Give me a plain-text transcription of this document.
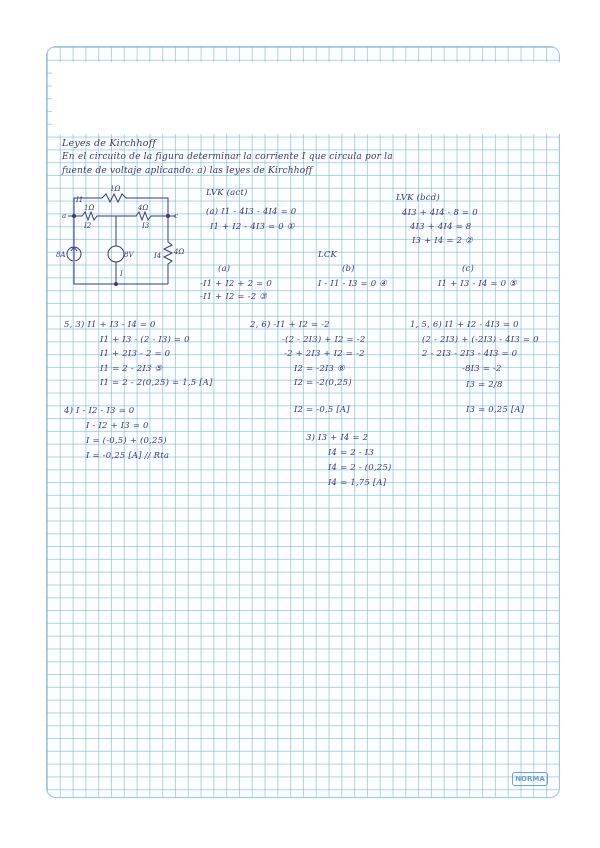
Leyes de Kirchhoff
En el circuito de la figura determinar la corriente I que circula por la
fuente de voltaje aplicando: a) las leyes de Kirchhoff
a	c
1Ω
1Ω	4Ω
4Ω
8A	8V
I1
I2	I3
I4
I
LVK (act)
(a) I1 - 4I3 - 4I4 = 0
I1 + I2 - 4I3 = 0 ①
LVK (bcd)
4I3 + 4I4 - 8 = 0
4I3 + 4I4 = 8
I3 + I4 = 2 ②
LCK
(a)
-I1 + I2 + 2 = 0
-I1 + I2 = -2 ③
(b)
I - I1 - I3 = 0 ④
(c)
I1 + I3 - I4 = 0 ⑤
5, 3) I1 + I3 - I4 = 0
I1 + I3 - (2 - I3) = 0
I1 + 2I3 - 2 = 0
I1 = 2 - 2I3 ⑤
I1 = 2 - 2(0,25) = 1,5 [A]
2, 6) -I1 + I2 = -2
-(2 - 2I3) + I2 = -2
-2 + 2I3 + I2 = -2
I2 = -2I3 ⑥
I2 = -2(0,25)
I2 = -0,5 [A]
1, 5, 6) I1 + I2 - 4I3 = 0
(2 - 2I3) + (-2I3) - 4I3 = 0
2 - 2I3 - 2I3 - 4I3 = 0
-8I3 = -2
I3 = 2/8
I3 = 0,25 [A]
4) I - I2 - I3 = 0
I - I2 + I3 = 0
I = (-0,5) + (0,25)
I = -0,25 [A] // Rta
3) I3 + I4 = 2
I4 = 2 - I3
I4 = 2 - (0,25)
I4 = 1,75 [A]
NORMA
